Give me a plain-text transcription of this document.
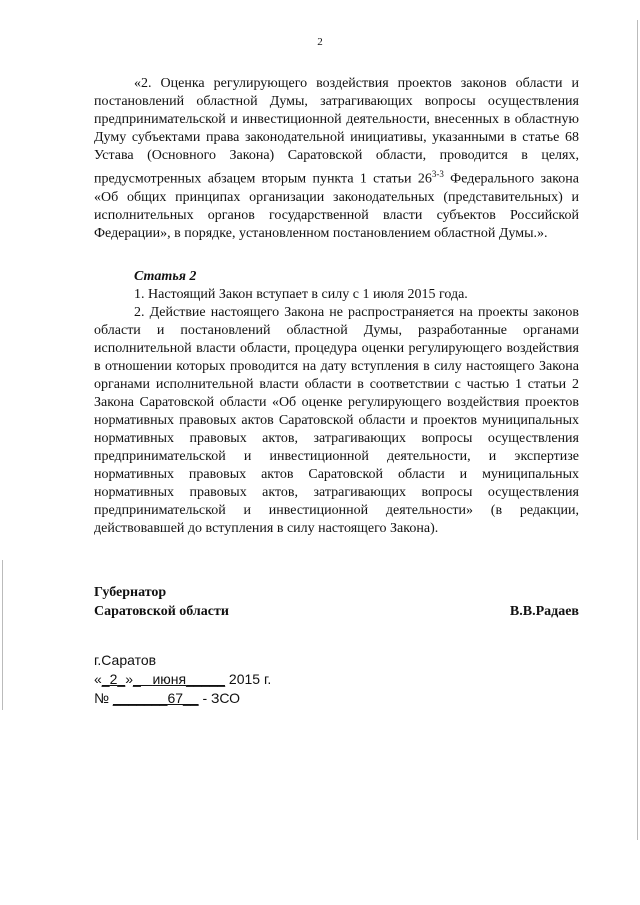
2

«2. Оценка регулирующего воздействия проектов законов области и постановлений областной Думы, затрагивающих вопросы осуществления предпринимательской и инвестиционной деятельности, внесенных в областную Думу субъектами права законодательной инициативы, указанными в статье 68 Устава (Основного Закона) Саратовской области, проводится в целях, предусмотренных абзацем вторым пункта 1 статьи 26$^{3-3}$ Федерального закона «Об общих принципах организации законодательных (представительных) и исполнительных органов государственной власти субъектов Российской Федерации», в порядке, установленном постановлением областной Думы.».

Статья 2

1. Настоящий Закон вступает в силу с 1 июля 2015 года.

2. Действие настоящего Закона не распространяется на проекты законов области и постановлений областной Думы, разработанные органами исполнительной власти области, процедура оценки регулирующего воздействия в отношении которых проводится на дату вступления в силу настоящего Закона органами исполнительной власти области в соответствии с частью 1 статьи 2 Закона Саратовской области «Об оценке регулирующего воздействия проектов нормативных правовых актов Саратовской области и проектов муниципальных нормативных правовых актов, затрагивающих вопросы осуществления предпринимательской и инвестиционной деятельности, и экспертизе нормативных правовых актов Саратовской области и муниципальных нормативных правовых актов, затрагивающих вопросы осуществления предпринимательской и инвестиционной деятельности» (в редакции, действовавшей до вступления в силу настоящего Закона).

Губернатор
Саратовской области	В.В.Радаев
г.Саратов
«_2_»_   июня_____ 2015 г.
№ _______67__ - ЗСО
